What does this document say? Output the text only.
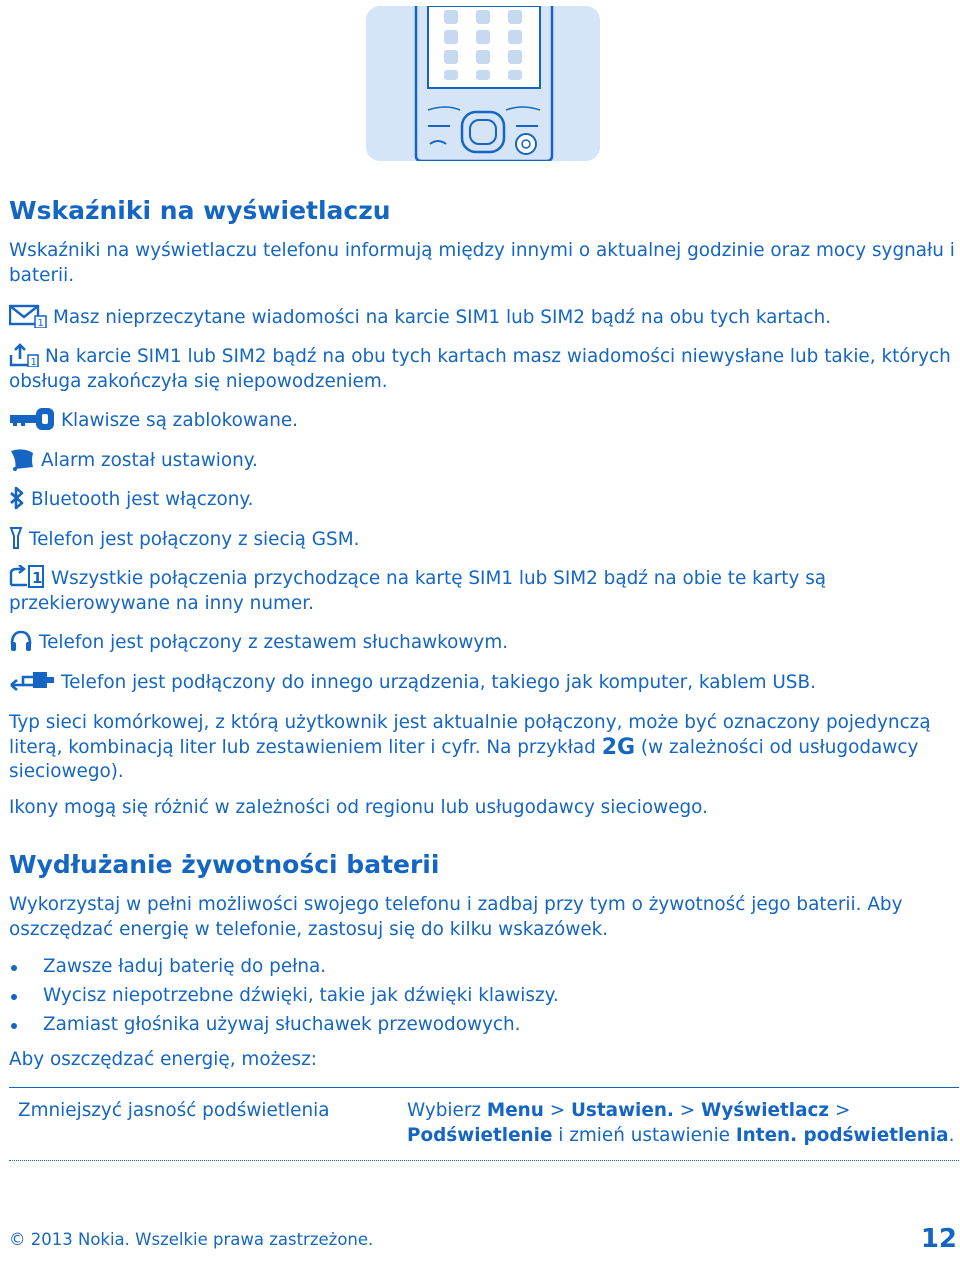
Wskaźniki na wyświetlaczu

Wskaźniki na wyświetlaczu telefonu informują między innymi o aktualnej godzinie oraz mocy sygnału i baterii.

1 Masz nieprzeczytane wiadomości na karcie SIM1 lub SIM2 bądź na obu tych kartach.

1 Na karcie SIM1 lub SIM2 bądź na obu tych kartach masz wiadomości niewysłane lub takie, których obsługa zakończyła się niepowodzeniem.

Klawisze są zablokowane.

Alarm został ustawiony.

Bluetooth jest włączony.

Telefon jest połączony z siecią GSM.

1 Wszystkie połączenia przychodzące na kartę SIM1 lub SIM2 bądź na obie te karty są przekierowywane na inny numer.

Telefon jest połączony z zestawem słuchawkowym.

Telefon jest podłączony do innego urządzenia, takiego jak komputer, kablem USB.

Typ sieci komórkowej, z którą użytkownik jest aktualnie połączony, może być oznaczony pojedynczą literą, kombinacją liter lub zestawieniem liter i cyfr. Na przykład 2G (w zależności od usługodawcy sieciowego).

Ikony mogą się różnić w zależności od regionu lub usługodawcy sieciowego.

Wydłużanie żywotności baterii

Wykorzystaj w pełni możliwości swojego telefonu i zadbaj przy tym o żywotność jego baterii. Aby oszczędzać energię w telefonie, zastosuj się do kilku wskazówek.

Zawsze ładuj baterię do pełna.
Wycisz niepotrzebne dźwięki, takie jak dźwięki klawiszy.
Zamiast głośnika używaj słuchawek przewodowych.

Aby oszczędzać energię, możesz:

Zmniejszyć jasność podświetlenia	Wybierz Menu > Ustawien. > Wyświetlacz > Podświetlenie i zmień ustawienie Inten. podświetlenia.
© 2013 Nokia. Wszelkie prawa zastrzeżone.	12
